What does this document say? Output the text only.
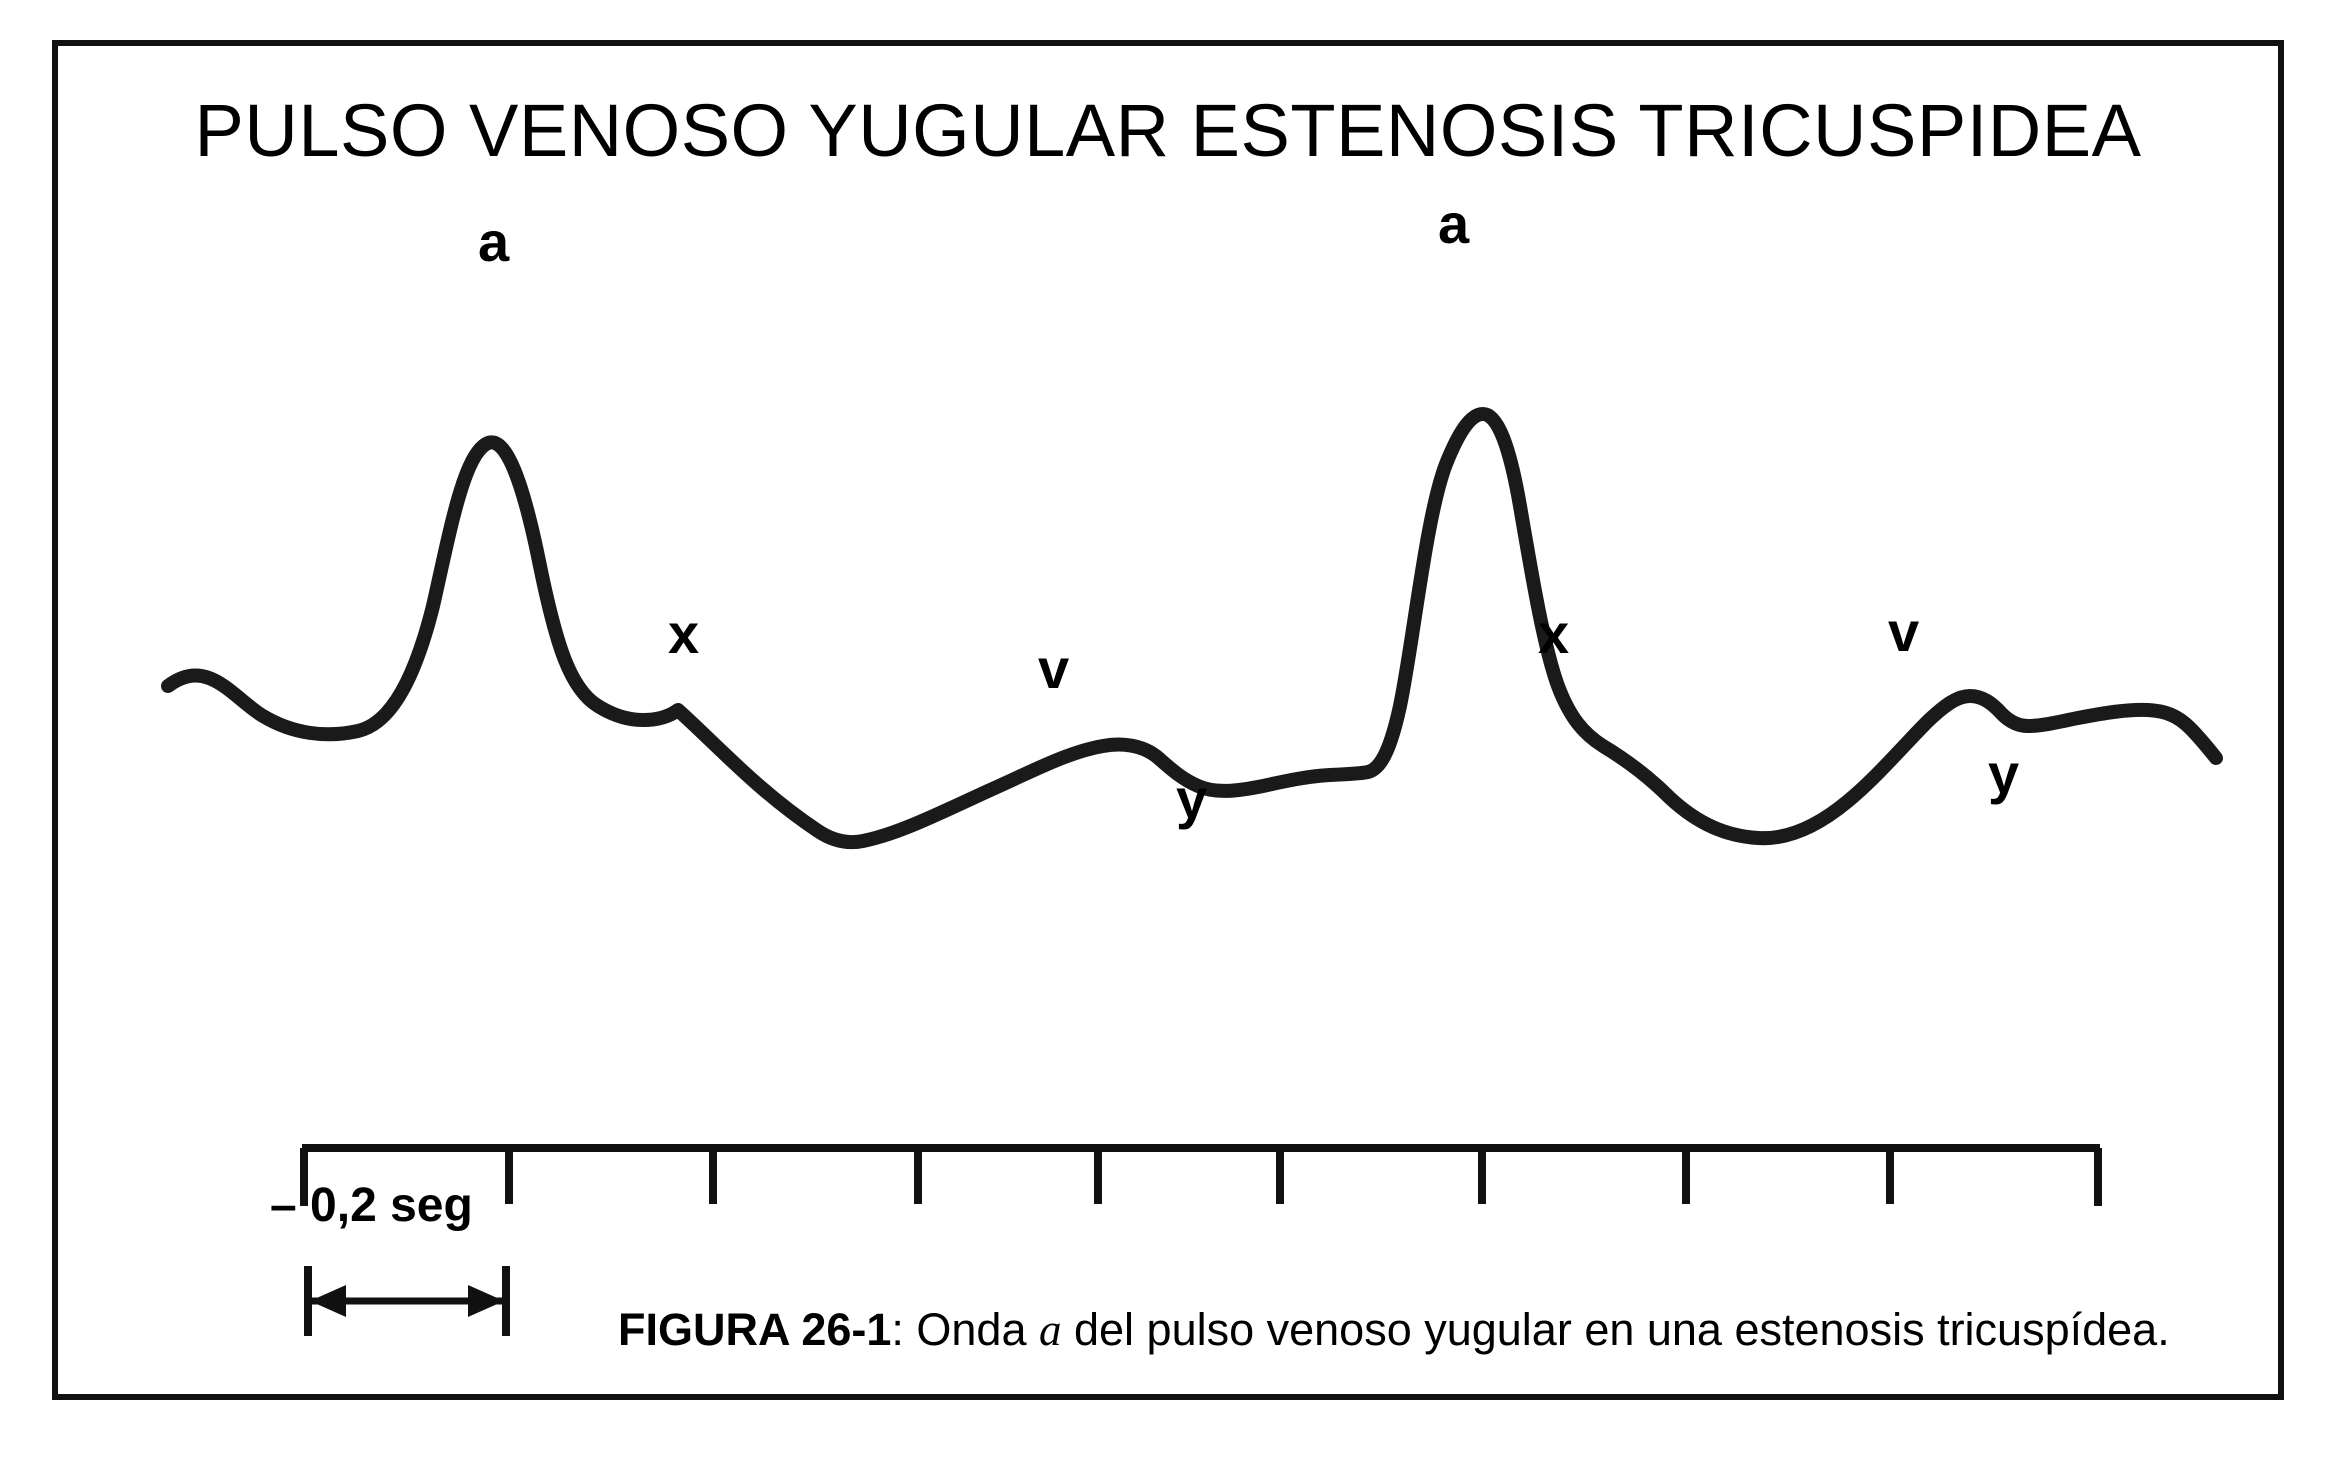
PULSO VENOSO YUGULAR ESTENOSIS TRICUSPIDEA
a
x
v
y
a
x	v
y
– 0,2 seg
FIGURA 26-1: Onda a del pulso venoso yugular en una estenosis tricuspídea.
